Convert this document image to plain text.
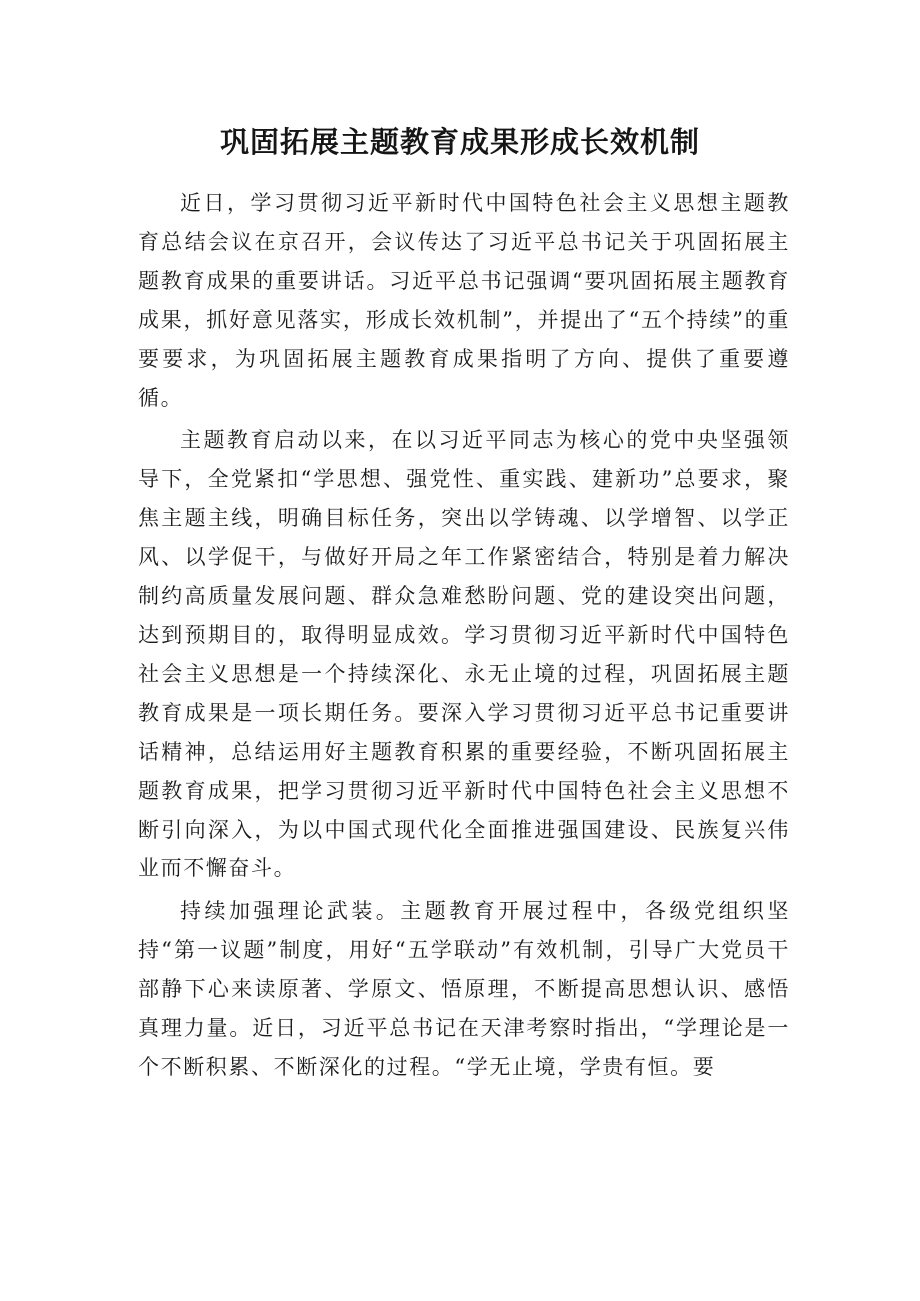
巩固拓展主题教育成果形成长效机制

近日，学习贯彻习近平新时代中国特色社会主义思想主题教育总结会议在京召开，会议传达了习近平总书记关于巩固拓展主题教育成果的重要讲话。习近平总书记强调“要巩固拓展主题教育成果，抓好意见落实，形成长效机制”，并提出了“五个持续”的重要要求，为巩固拓展主题教育成果指明了方向、提供了重要遵循。

主题教育启动以来，在以习近平同志为核心的党中央坚强领导下，全党紧扣“学思想、强党性、重实践、建新功”总要求，聚焦主题主线，明确目标任务，突出以学铸魂、以学增智、以学正风、以学促干，与做好开局之年工作紧密结合，特别是着力解决制约高质量发展问题、群众急难愁盼问题、党的建设突出问题，达到预期目的，取得明显成效。学习贯彻习近平新时代中国特色社会主义思想是一个持续深化、永无止境的过程，巩固拓展主题教育成果是一项长期任务。要深入学习贯彻习近平总书记重要讲话精神，总结运用好主题教育积累的重要经验，不断巩固拓展主题教育成果，把学习贯彻习近平新时代中国特色社会主义思想不断引向深入，为以中国式现代化全面推进强国建设、民族复兴伟业而不懈奋斗。

持续加强理论武装。主题教育开展过程中，各级党组织坚持“第一议题”制度，用好“五学联动”有效机制，引导广大党员干部静下心来读原著、学原文、悟原理，不断提高思想认识、感悟真理力量。近日，习近平总书记在天津考察时指出，“学理论是一个不断积累、不断深化的过程。“学无止境，学贵有恒。要
